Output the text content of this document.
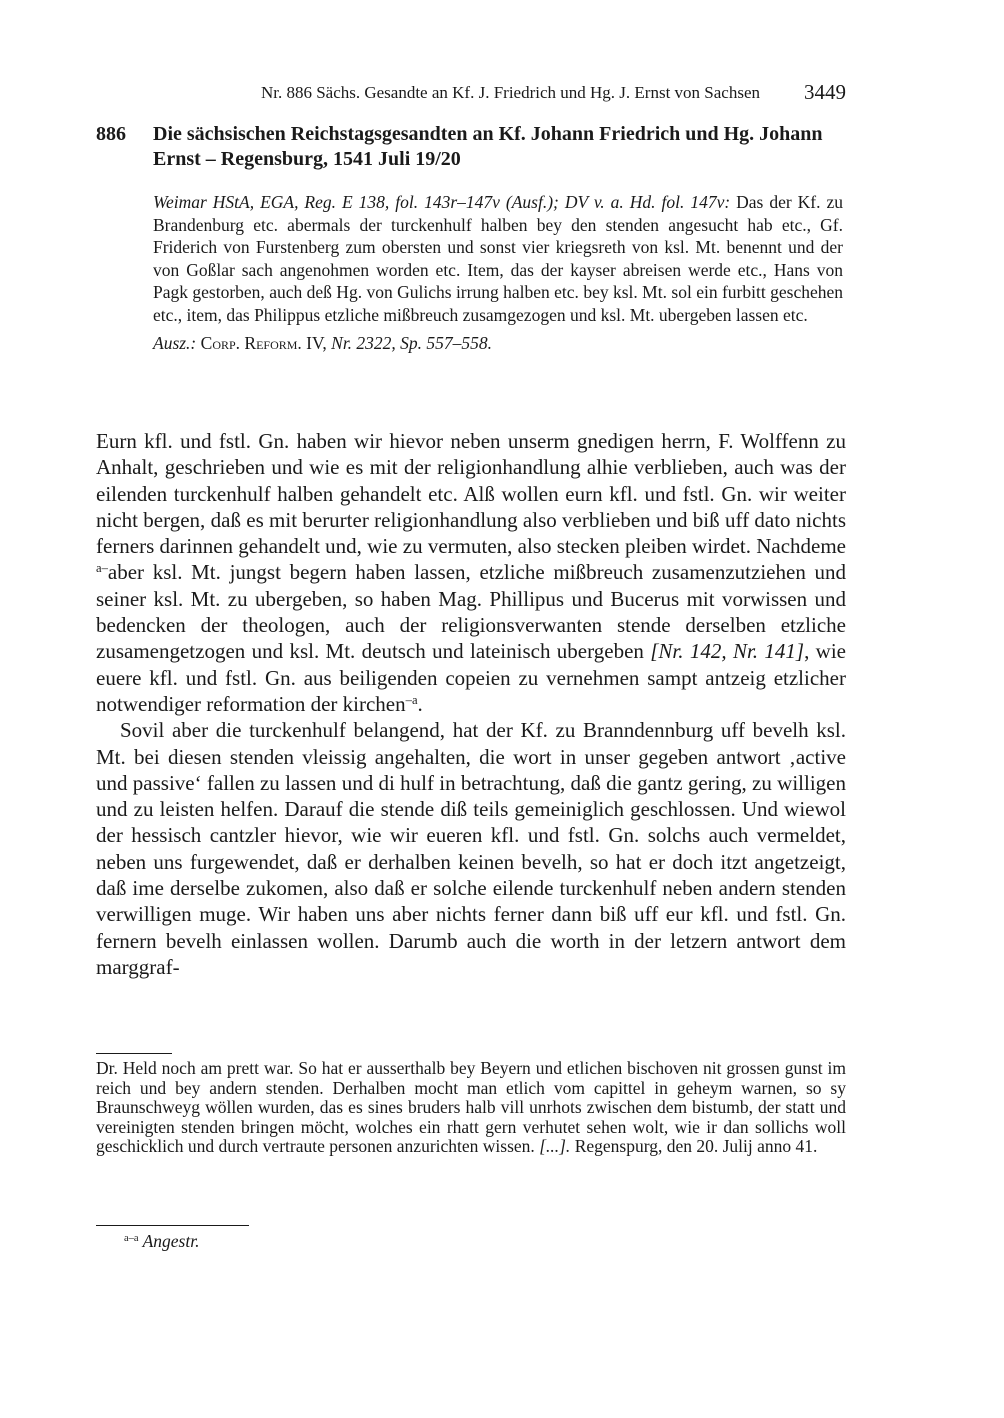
Nr. 886 Sächs. Gesandte an Kf. J. Friedrich und Hg. J. Ernst von Sachsen 3449
886 Die sächsischen Reichstagsgesandten an Kf. Johann Friedrich und Hg. Johann Ernst – Regensburg, 1541 Juli 19/20

Weimar HStA, EGA, Reg. E 138, fol. 143r–147v (Ausf.); DV v. a. Hd. fol. 147v: Das der Kf. zu Brandenburg etc. abermals der turckenhulf halben bey den stenden angesucht hab etc., Gf. Friderich von Furstenberg zum obersten und sonst vier kriegsreth von ksl. Mt. benennt und der von Goßlar sach angenohmen worden etc. Item, das der kayser abreisen werde etc., Hans von Pagk gestorben, auch deß Hg. von Gulichs irrung halben etc. bey ksl. Mt. sol ein furbitt geschehen etc., item, das Philippus etzliche mißbreuch zusamgezogen und ksl. Mt. ubergeben lassen etc.

Ausz.: Corp. Reform. IV, Nr. 2322, Sp. 557–558.

Eurn kfl. und fstl. Gn. haben wir hievor neben unserm gnedigen herrn, F. Wolffenn zu Anhalt, geschrieben und wie es mit der religionhandlung alhie verblieben, auch was der eilenden turckenhulf halben gehandelt etc. Alß wollen eurn kfl. und fstl. Gn. wir weiter nicht bergen, daß es mit berurter religionhandlung also verblieben und biß uff dato nichts ferners darinnen gehandelt und, wie zu vermuten, also stecken pleiben wirdet. Nachdeme $^{a-}$aber ksl. Mt. jungst begern haben lassen, etzliche mißbreuch zusamenzutziehen und seiner ksl. Mt. zu ubergeben, so haben Mag. Phillipus und Bucerus mit vorwissen und bedencken der theologen, auch der religionsverwanten stende derselben etzliche zusamengetzogen und ksl. Mt. deutsch und lateinisch ubergeben [Nr. 142, Nr. 141], wie euere kfl. und fstl. Gn. aus beiligenden copeien zu vernehmen sampt antzeig etzlicher notwendiger reformation der kirchen$^{-a}$.

Sovil aber die turckenhulf belangend, hat der Kf. zu Branndennburg uff bevelh ksl. Mt. bei diesen stenden vleissig angehalten, die wort in unser gegeben antwort ‚active und passive‘ fallen zu lassen und di hulf in betrachtung, daß die gantz gering, zu willigen und zu leisten helfen. Darauf die stende diß teils gemeiniglich geschlossen. Und wiewol der hessisch cantzler hievor, wie wir eueren kfl. und fstl. Gn. solchs auch vermeldet, neben uns furgewendet, daß er derhalben keinen bevelh, so hat er doch itzt angetzeigt, daß ime derselbe zukomen, also daß er solche eilende turckenhulf neben andern stenden verwilligen muge. Wir haben uns aber nichts ferner dann biß uff eur kfl. und fstl. Gn. fernern bevelh einlassen wollen. Darumb auch die worth in der letzern antwort dem marggraf-

Dr. Held noch am prett war. So hat er ausserthalb bey Beyern und etlichen bischoven nit grossen gunst im reich und bey andern stenden. Derhalben mocht man etlich vom capittel in geheym warnen, so sy Braunschweyg wöllen wurden, das es sines bruders halb vill unrhots zwischen dem bistumb, der statt und vereinigten stenden bringen möcht, wolches ein rhatt gern verhutet sehen wolt, wie ir dan sollichs woll geschicklich und durch vertraute personen anzurichten wissen. [...]. Regenspurg, den 20. Julij anno 41.

$^{a-a}$ Angestr.
